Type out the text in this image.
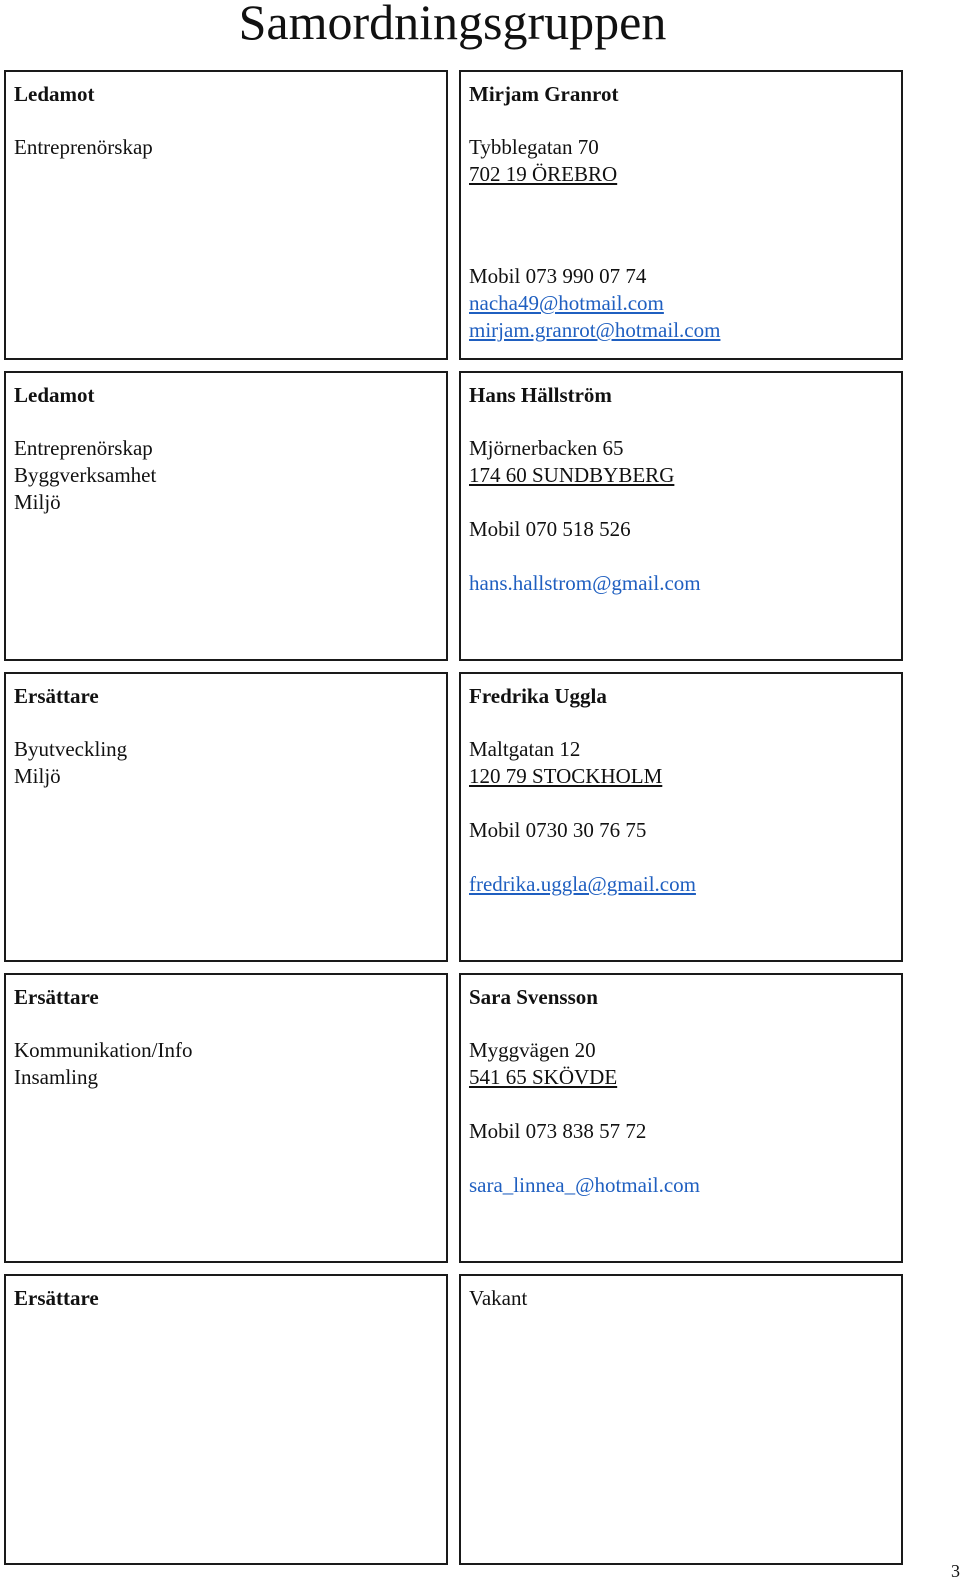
Samordningsgruppen
Ledamot
Entreprenörskap
Mirjam Granrot
Tybblegatan 70
702 19 ÖREBRO
Mobil 073 990 07 74
nacha49@hotmail.com
mirjam.granrot@hotmail.com
Ledamot
Entreprenörskap
Byggverksamhet
Miljö
Hans Hällström
Mjörnerbacken 65
174 60 SUNDBYBERG
Mobil 070 518 526
hans.hallstrom@gmail.com
Ersättare
Byutveckling
Miljö
Fredrika Uggla
Maltgatan 12
120 79 STOCKHOLM
Mobil 0730 30 76 75
fredrika.uggla@gmail.com
Ersättare
Kommunikation/Info
Insamling
Sara Svensson
Myggvägen 20
541 65 SKÖVDE
Mobil 073 838 57 72
sara_linnea_@hotmail.com
Ersättare	Vakant
3
